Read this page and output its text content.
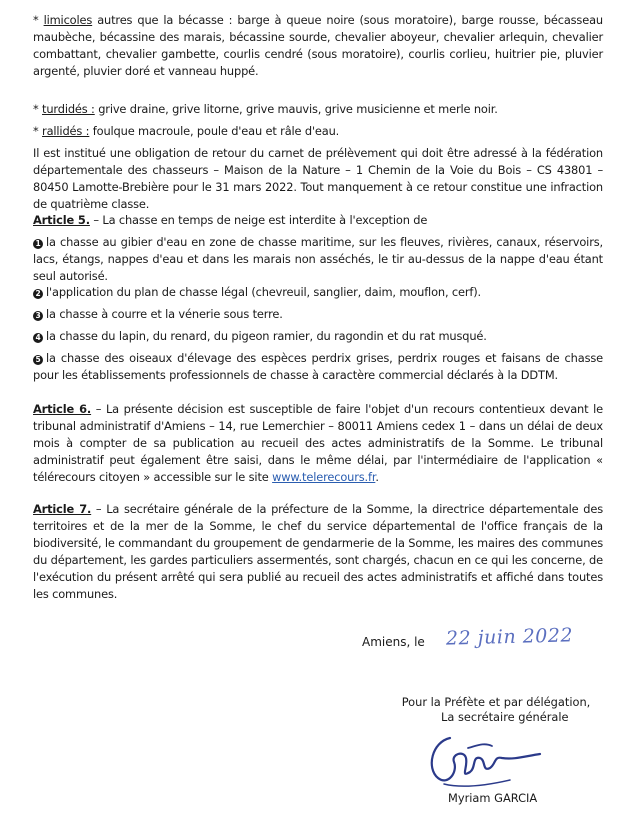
* limicoles autres que la bécasse : barge à queue noire (sous moratoire), barge rousse, bécasseau maubèche, bécassine des marais, bécassine sourde, chevalier aboyeur, chevalier arlequin, chevalier combattant, chevalier gambette, courlis cendré (sous moratoire), courlis corlieu, huitrier pie, pluvier argenté, pluvier doré et vanneau huppé.
* turdidés : grive draine, grive litorne, grive mauvis, grive musicienne et merle noir.
* rallidés : foulque macroule, poule d'eau et râle d'eau.
Il est institué une obligation de retour du carnet de prélèvement qui doit être adressé à la fédération départementale des chasseurs – Maison de la Nature – 1 Chemin de la Voie du Bois – CS 43801 – 80450 Lamotte-Brebière pour le 31 mars 2022. Tout manquement à ce retour constitue une infraction de quatrième classe.
Article 5. – La chasse en temps de neige est interdite à l'exception de
1 la chasse au gibier d'eau en zone de chasse maritime, sur les fleuves, rivières, canaux, réservoirs, lacs, étangs, nappes d'eau et dans les marais non asséchés, le tir au-dessus de la nappe d'eau étant seul autorisé.
2 l'application du plan de chasse légal (chevreuil, sanglier, daim, mouflon, cerf).
3 la chasse à courre et la vénerie sous terre.
4 la chasse du lapin, du renard, du pigeon ramier, du ragondin et du rat musqué.
5 la chasse des oiseaux d'élevage des espèces perdrix grises, perdrix rouges et faisans de chasse pour les établissements professionnels de chasse à caractère commercial déclarés à la DDTM.
Article 6. – La présente décision est susceptible de faire l'objet d'un recours contentieux devant le tribunal administratif d'Amiens – 14, rue Lemerchier – 80011 Amiens cedex 1 – dans un délai de deux mois à compter de sa publication au recueil des actes administratifs de la Somme. Le tribunal administratif peut également être saisi, dans le même délai, par l'intermédiaire de l'application « télérecours citoyen » accessible sur le site www.telerecours.fr.
Article 7. – La secrétaire générale de la préfecture de la Somme, la directrice départementale des territoires et de la mer de la Somme, le chef du service départemental de l'office français de la biodiversité, le commandant du groupement de gendarmerie de la Somme, les maires des communes du département, les gardes particuliers assermentés, sont chargés, chacun en ce qui les concerne, de l'exécution du présent arrêté qui sera publié au recueil des actes administratifs et affiché dans toutes les communes.
Amiens, le 22 juin 2022
Pour la Préfète et par délégation,
La secrétaire générale
Myriam GARCIA
